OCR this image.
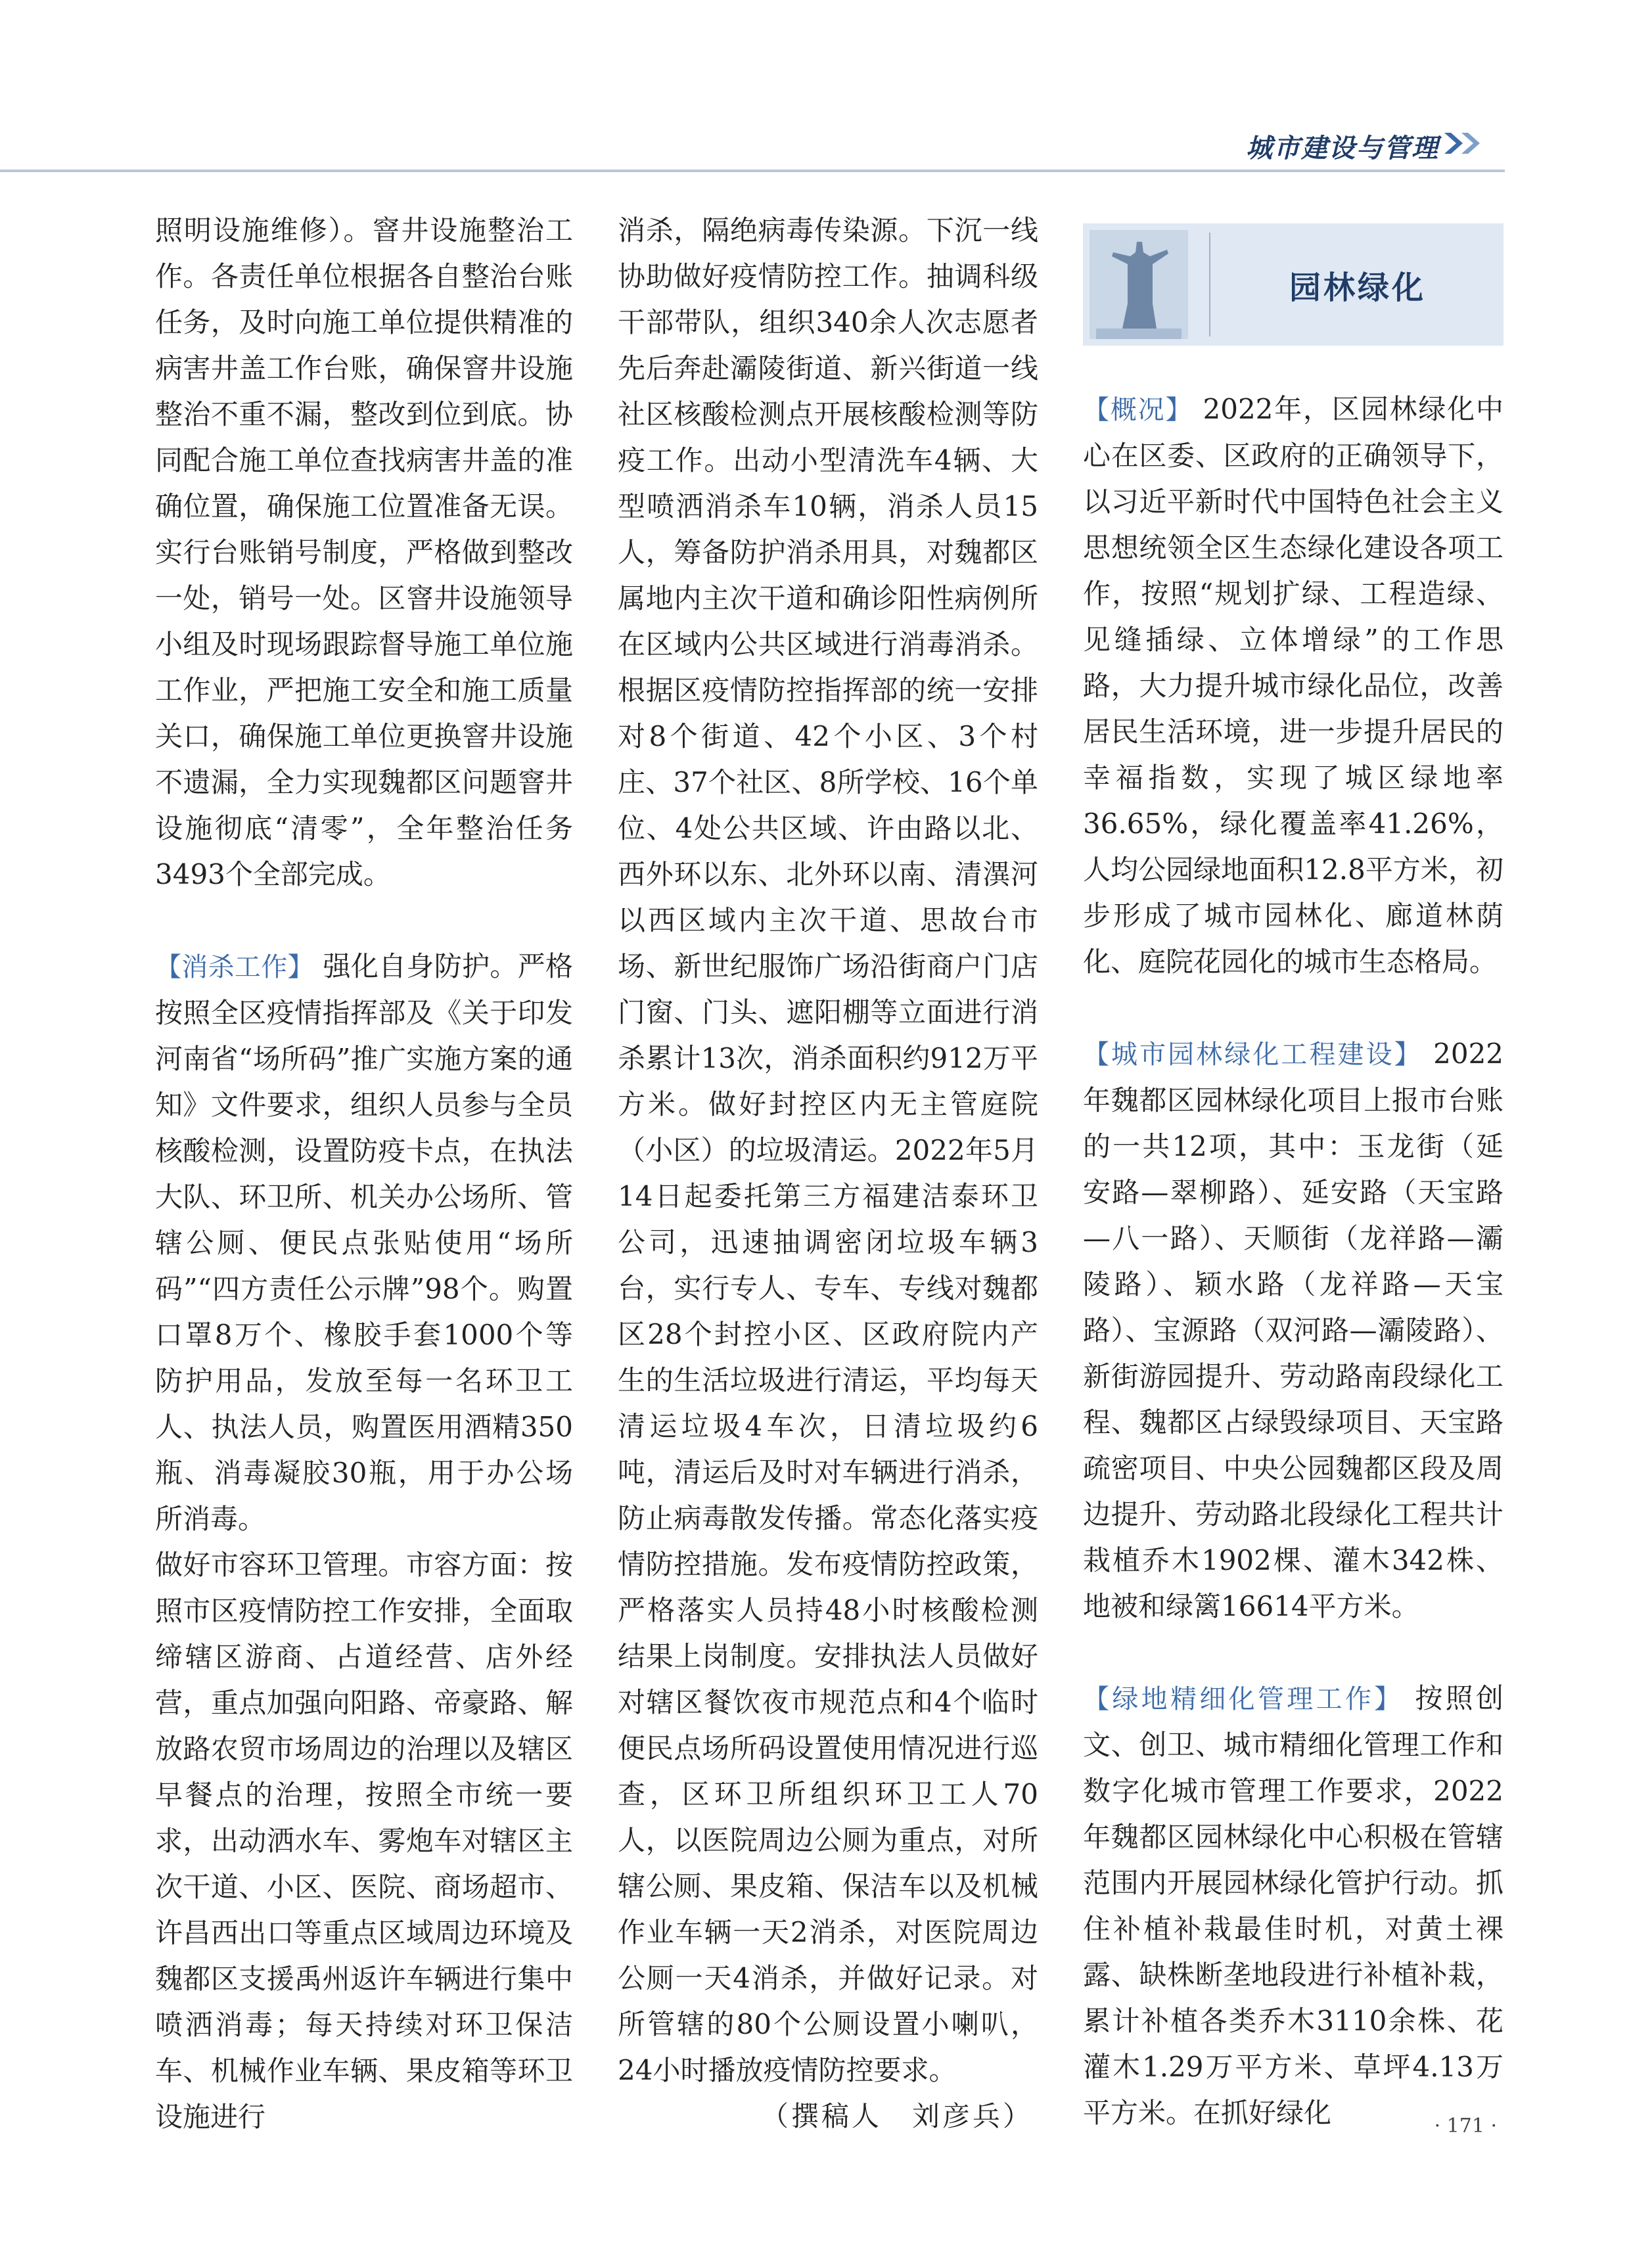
城市建设与管理

照明设施维修）。窨井设施整治工作。各责任单位根据各自整治台账任务，及时向施工单位提供精准的病害井盖工作台账，确保窨井设施整治不重不漏，整改到位到底。协同配合施工单位查找病害井盖的准确位置，确保施工位置准备无误。实行台账销号制度，严格做到整改一处，销号一处。区窨井设施领导小组及时现场跟踪督导施工单位施工作业，严把施工安全和施工质量关口，确保施工单位更换窨井设施不遗漏，全力实现魏都区问题窨井设施彻底“清零”，全年整治任务3493个全部完成。

【消杀工作】 强化自身防护。严格按照全区疫情指挥部及《关于印发河南省“场所码”推广实施方案的通知》文件要求，组织人员参与全员核酸检测，设置防疫卡点，在执法大队、环卫所、机关办公场所、管辖公厕、便民点张贴使用“场所码”“四方责任公示牌”98个。购置口罩8万个、橡胶手套1000个等防护用品，发放至每一名环卫工人、执法人员，购置医用酒精350瓶、消毒凝胶30瓶，用于办公场所消毒。

做好市容环卫管理。市容方面：按照市区疫情防控工作安排，全面取缔辖区游商、占道经营、店外经营，重点加强向阳路、帝豪路、解放路农贸市场周边的治理以及辖区早餐点的治理，按照全市统一要求，出动洒水车、雾炮车对辖区主次干道、小区、医院、商场超市、许昌西出口等重点区域周边环境及魏都区支援禹州返许车辆进行集中喷洒消毒；每天持续对环卫保洁车、机械作业车辆、果皮箱等环卫设施进行

消杀，隔绝病毒传染源。下沉一线协助做好疫情防控工作。抽调科级干部带队，组织340余人次志愿者先后奔赴灞陵街道、新兴街道一线社区核酸检测点开展核酸检测等防疫工作。出动小型清洗车4辆、大型喷洒消杀车10辆，消杀人员15人，筹备防护消杀用具，对魏都区属地内主次干道和确诊阳性病例所在区域内公共区域进行消毒消杀。根据区疫情防控指挥部的统一安排对8个街道、42个小区、3个村庄、37个社区、8所学校、16个单位、4处公共区域、许由路以北、西外环以东、北外环以南、清潩河以西区域内主次干道、思故台市场、新世纪服饰广场沿街商户门店门窗、门头、遮阳棚等立面进行消杀累计13次，消杀面积约912万平方米。做好封控区内无主管庭院（小区）的垃圾清运。2022年5月14日起委托第三方福建洁泰环卫公司，迅速抽调密闭垃圾车辆3台，实行专人、专车、专线对魏都区28个封控小区、区政府院内产生的生活垃圾进行清运，平均每天清运垃圾4车次，日清垃圾约6吨，清运后及时对车辆进行消杀，防止病毒散发传播。常态化落实疫情防控措施。发布疫情防控政策，严格落实人员持48小时核酸检测结果上岗制度。安排执法人员做好对辖区餐饮夜市规范点和4个临时便民点场所码设置使用情况进行巡查，区环卫所组织环卫工人70人，以医院周边公厕为重点，对所辖公厕、果皮箱、保洁车以及机械作业车辆一天2消杀，对医院周边公厕一天4消杀，并做好记录。对所管辖的80个公厕设置小喇叭，24小时播放疫情防控要求。

（撰稿人　刘彦兵）

园林绿化

【概况】 2022年，区园林绿化中心在区委、区政府的正确领导下，以习近平新时代中国特色社会主义思想统领全区生态绿化建设各项工作，按照“规划扩绿、工程造绿、见缝插绿、立体增绿”的工作思路，大力提升城市绿化品位，改善居民生活环境，进一步提升居民的幸福指数，实现了城区绿地率36.65%，绿化覆盖率41.26%，人均公园绿地面积12.8平方米，初步形成了城市园林化、廊道林荫化、庭院花园化的城市生态格局。

【城市园林绿化工程建设】 2022年魏都区园林绿化项目上报市台账的一共12项，其中：玉龙街（延安路—翠柳路）、延安路（天宝路—八一路）、天顺街（龙祥路—灞陵路）、颖水路（龙祥路—天宝路）、宝源路（双河路—灞陵路）、新街游园提升、劳动路南段绿化工程、魏都区占绿毁绿项目、天宝路疏密项目、中央公园魏都区段及周边提升、劳动路北段绿化工程共计栽植乔木1902棵、灌木342株、地被和绿篱16614平方米。

【绿地精细化管理工作】 按照创文、创卫、城市精细化管理工作和数字化城市管理工作要求，2022年魏都区园林绿化中心积极在管辖范围内开展园林绿化管护行动。抓住补植补栽最佳时机，对黄土裸露、缺株断垄地段进行补植补栽，累计补植各类乔木3110余株、花灌木1.29万平方米、草坪4.13万平方米。在抓好绿化	· 171 ·
